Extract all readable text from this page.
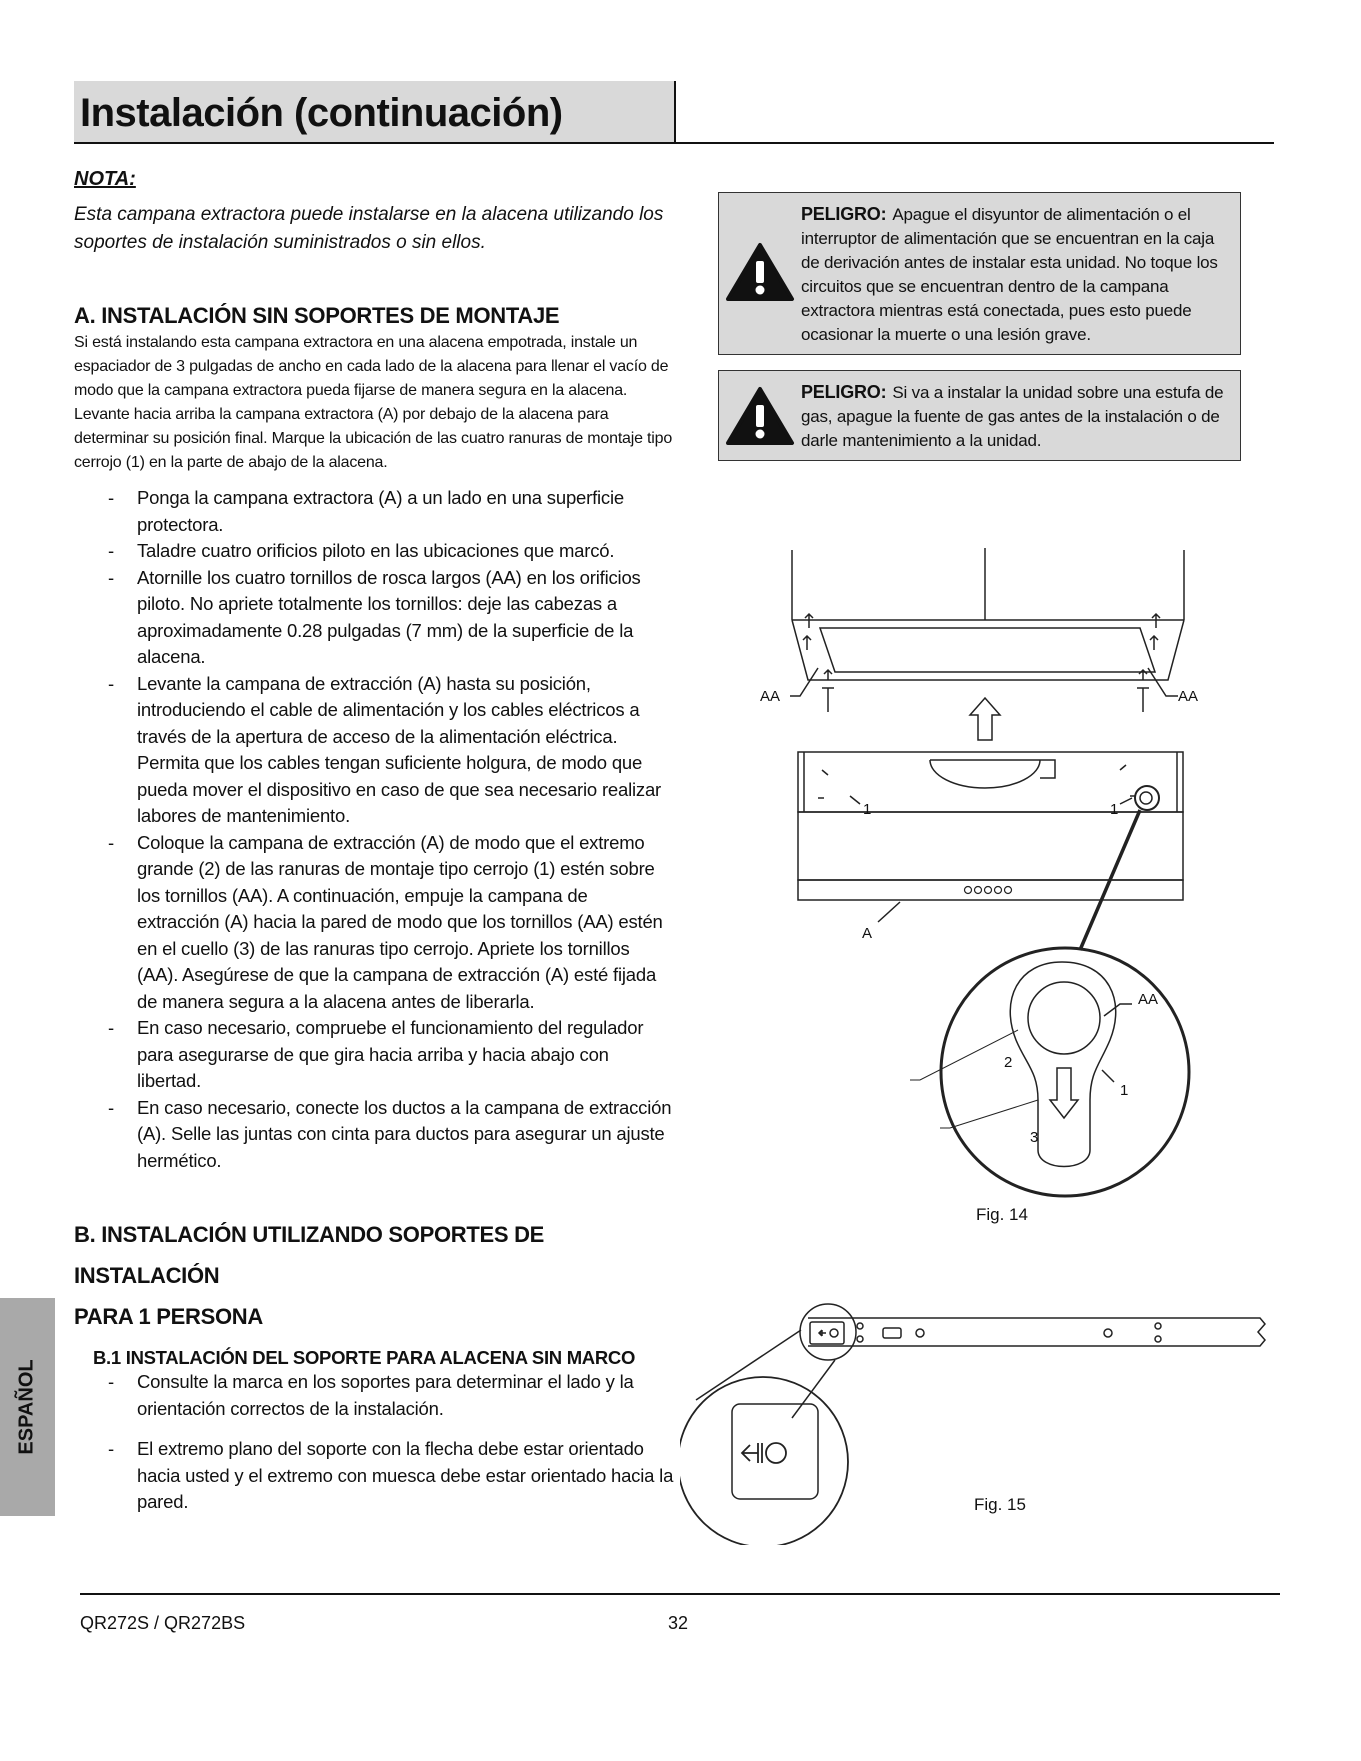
Instalación (continuación)

NOTA:

Esta campana extractora puede instalarse en la alacena utilizando los soportes de instalación suministrados o sin ellos.

A. INSTALACIÓN SIN SOPORTES DE MONTAJE

Si está instalando esta campana extractora en una alacena empotrada, instale un espaciador de 3 pulgadas de ancho en cada lado de la alacena para llenar el vacío de modo que la campana extractora pueda fijarse de manera segura en la alacena.

Levante hacia arriba la campana extractora (A) por debajo de la alacena para determinar su posición final. Marque la ubicación de las cuatro ranuras de montaje tipo cerrojo (1) en la parte de abajo de la alacena.

- Ponga la campana extractora (A) a un lado en una superficie protectora.
- Taladre cuatro orificios piloto en las ubicaciones que marcó.
- Atornille los cuatro tornillos de rosca largos (AA) en los orificios piloto. No apriete totalmente los tornillos: deje las cabezas a aproximadamente 0.28 pulgadas (7 mm) de la superficie de la alacena.
- Levante la campana de extracción (A) hasta su posición, introduciendo el cable de alimentación y los cables eléctricos a través de la apertura de acceso de la alimentación eléctrica. Permita que los cables tengan suficiente holgura, de modo que pueda mover el dispositivo en caso de que sea necesario realizar labores de mantenimiento.
- Coloque la campana de extracción (A) de modo que el extremo grande (2) de las ranuras de montaje tipo cerrojo (1) estén sobre los tornillos (AA). A continuación, empuje la campana de extracción (A) hacia la pared de modo que los tornillos (AA) estén en el cuello (3) de las ranuras tipo cerrojo. Apriete los tornillos (AA). Asegúrese de que la campana de extracción (A) esté fijada de manera segura a la alacena antes de liberarla.
- En caso necesario, compruebe el funcionamiento del regulador para asegurarse de que gira hacia arriba y hacia abajo con libertad.
- En caso necesario, conecte los ductos a la campana de extracción (A). Selle las juntas con cinta para ductos para asegurar un ajuste hermético.
B. INSTALACIÓN UTILIZANDO SOPORTES DE INSTALACIÓN
PARA 1 PERSONA
B.1 INSTALACIÓN DEL SOPORTE PARA ALACENA SIN MARCO
- Consulte la marca en los soportes para determinar el lado y la orientación correctos de la instalación.
- El extremo plano del soporte con la flecha debe estar orientado hacia usted y el extremo con muesca debe estar orientado hacia la pared.
ESPAÑOL
PELIGRO: Apague el disyuntor de alimentación o el interruptor de alimentación que se encuentran en la caja de derivación antes de instalar esta unidad. No toque los circuitos que se encuentran dentro de la campana extractora mientras está conectada, pues esto puede ocasionar la muerte o una lesión grave.
PELIGRO: Si va a instalar la unidad sobre una estufa de gas, apague la fuente de gas antes de la instalación o de darle mantenimiento a la unidad.
AA	AA
1	1
A
AA
1
2
3
Fig. 14
Fig. 15
QR272S / QR272BS	32
